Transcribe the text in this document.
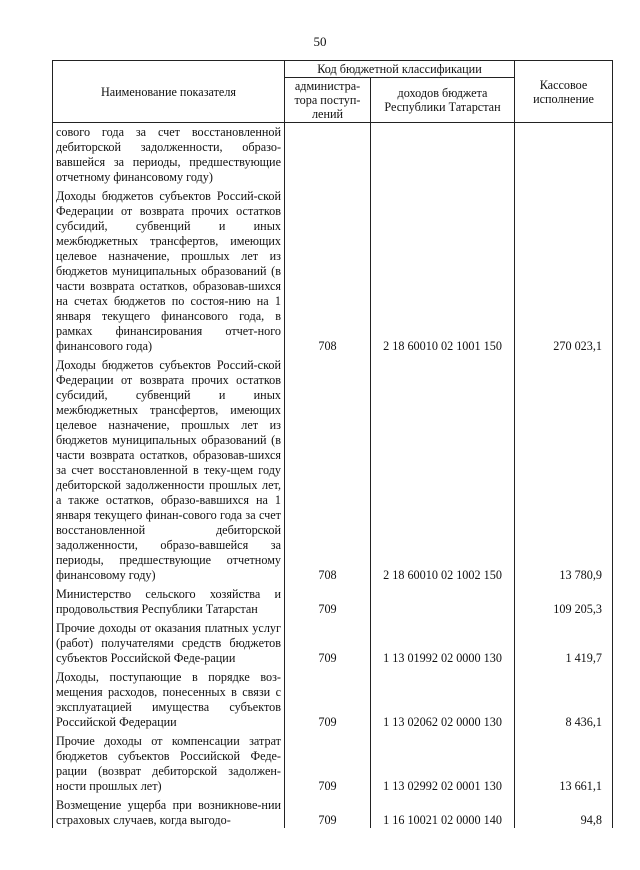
50
Наименование показателя	Код бюджетной классификации		Кассовое исполнение
	администра-тора поступ-лений	доходов бюджета Республики Татарстан	
сового года за счет восстановленной дебиторской задолженности, образо-вавшейся за периоды, предшествующие отчетному финансовому году)			
Доходы бюджетов субъектов Россий-ской Федерации от возврата прочих остатков субсидий, субвенций и иных межбюджетных трансфертов, имеющих целевое назначение, прошлых лет из бюджетов муниципальных образований (в части возврата остатков, образовав-шихся на счетах бюджетов по состоя-нию на 1 января текущего финансового года, в рамках финансирования отчет-ного финансового года)	708	2 18 60010 02 1001 150	270 023,1
Доходы бюджетов субъектов Россий-ской Федерации от возврата прочих остатков субсидий, субвенций и иных межбюджетных трансфертов, имеющих целевое назначение, прошлых лет из бюджетов муниципальных образований (в части возврата остатков, образовав-шихся за счет восстановленной в теку-щем году дебиторской задолженности прошлых лет, а также остатков, образо-вавшихся на 1 января текущего финан-сового года за счет восстановленной дебиторской задолженности, образо-вавшейся за периоды, предшествующие отчетному финансовому году)	708	2 18 60010 02 1002 150	13 780,9
Министерство сельского хозяйства и продовольствия Республики Татарстан	709		109 205,3
Прочие доходы от оказания платных услуг (работ) получателями средств бюджетов субъектов Российской Феде-рации	709	1 13 01992 02 0000 130	1 419,7
Доходы, поступающие в порядке воз-мещения расходов, понесенных в связи с эксплуатацией имущества субъектов Российской Федерации	709	1 13 02062 02 0000 130	8 436,1
Прочие доходы от компенсации затрат бюджетов субъектов Российской Феде-рации (возврат дебиторской задолжен-ности прошлых лет)	709	1 13 02992 02 0001 130	13 661,1
Возмещение ущерба при возникнове-нии страховых случаев, когда выгодо-	709	1 16 10021 02 0000 140	94,8
